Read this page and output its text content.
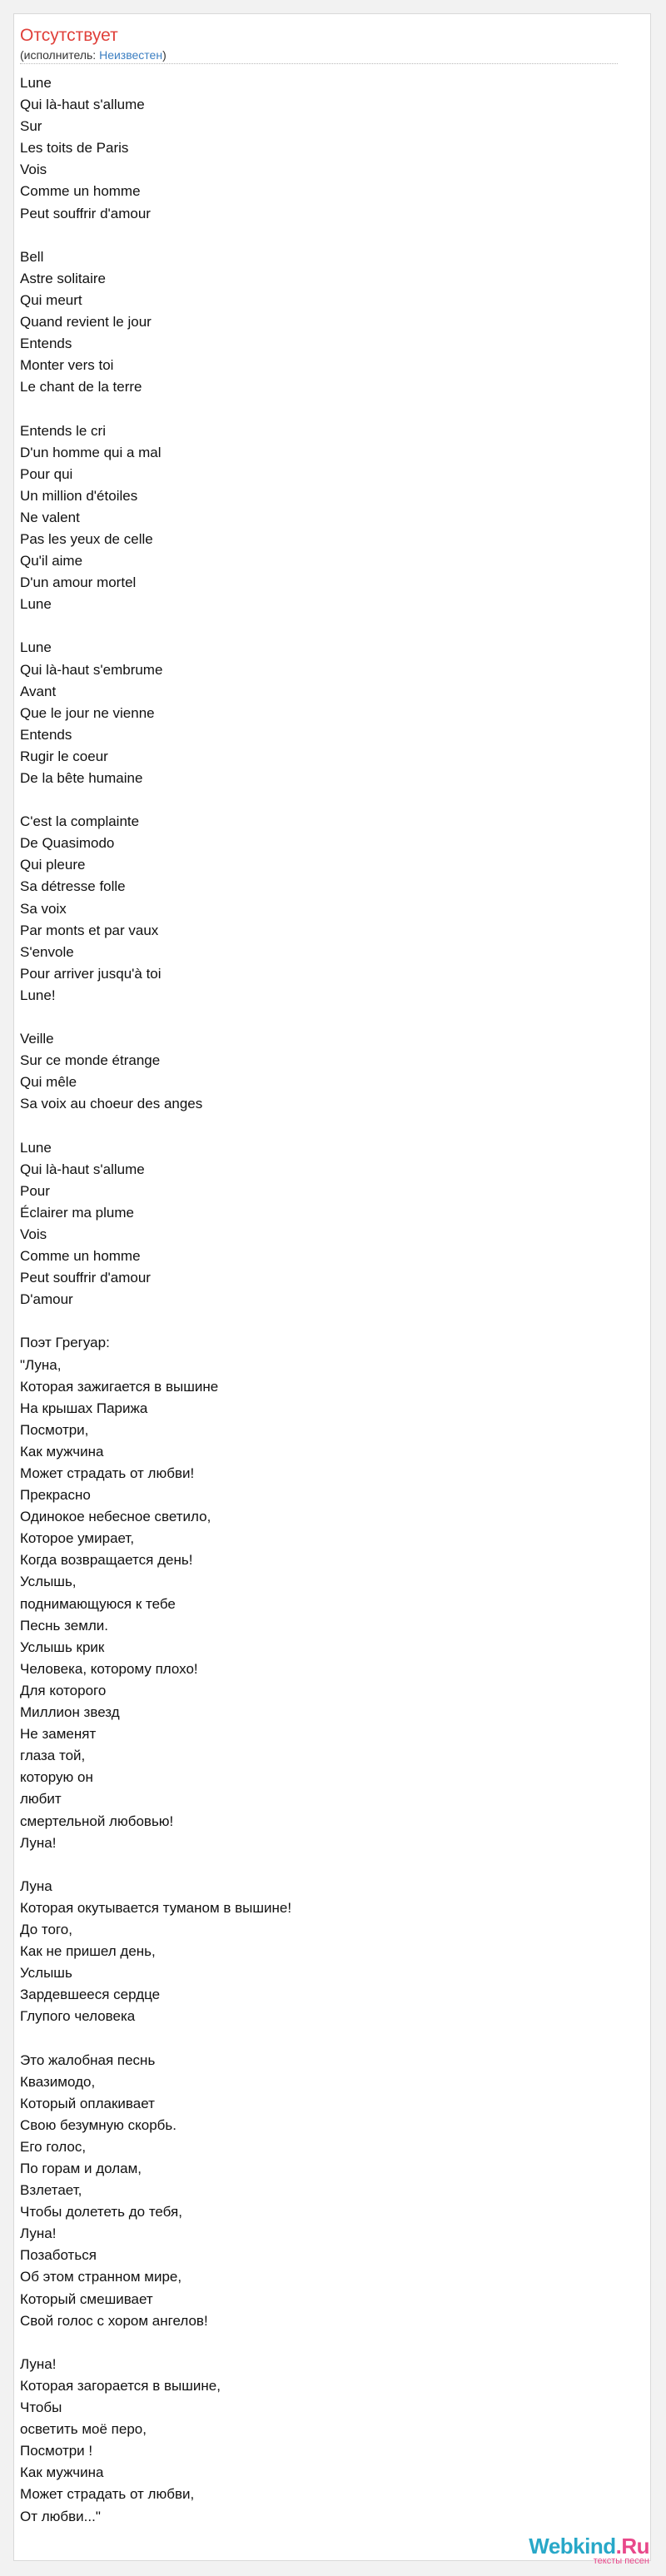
Отсутствует
(исполнитель: Неизвестен)
Lune
Qui là-haut s'allume
Sur
Les toits de Paris
Vois
Comme un homme
Peut souffrir d'amour
Bell
Astre solitaire
Qui meurt
Quand revient le jour
Entends
Monter vers toi
Le chant de la terre
Entends le cri
D'un homme qui a mal
Pour qui
Un million d'étoiles
Ne valent
Pas les yeux de celle
Qu'il aime
D'un amour mortel
Lune
Lune
Qui là-haut s'embrume
Avant
Que le jour ne vienne
Entends
Rugir le coeur
De la bête humaine
C'est la complainte
De Quasimodo
Qui pleure
Sa détresse folle
Sa voix
Par monts et par vaux
S'envole
Pour arriver jusqu'à toi
Lune!
Veille
Sur ce monde étrange
Qui mêle
Sa voix au choeur des anges
Lune
Qui là-haut s'allume
Pour
Éclairer ma plume
Vois
Comme un homme
Peut souffrir d'amour
D'amour
Поэт Грегуар:
"Луна,
Которая зажигается в вышине
На крышах Парижа
Посмотри,
Как мужчина
Может страдать от любви!
Прекрасно
Одинокое небесное светило,
Которое умирает,
Когда возвращается день!
Услышь,
поднимающуюся к тебе
Песнь земли.
Услышь крик
Человека, которому плохо!
Для которого
Миллион звезд
Не заменят
глаза той,
которую он
любит
смертельной любовью!
Луна!
Луна
Которая окутывается туманом в вышине!
До того,
Как не пришел день,
Услышь
Зардевшееся сердце
Глупого человека
Это жалобная песнь
Квазимодо,
Который оплакивает
Свою безумную скорбь.
Его голос,
По горам и долам,
Взлетает,
Чтобы долететь до тебя,
Луна!
Позаботься
Об этом странном мире,
Который смешивает
Свой голос с хором ангелов!
Луна!
Которая загорается в вышине,
Чтобы
осветить моё перо,
Посмотри !
Как мужчина
Может страдать от любви,
От любви..."
Webkind.Ru
тексты песен
